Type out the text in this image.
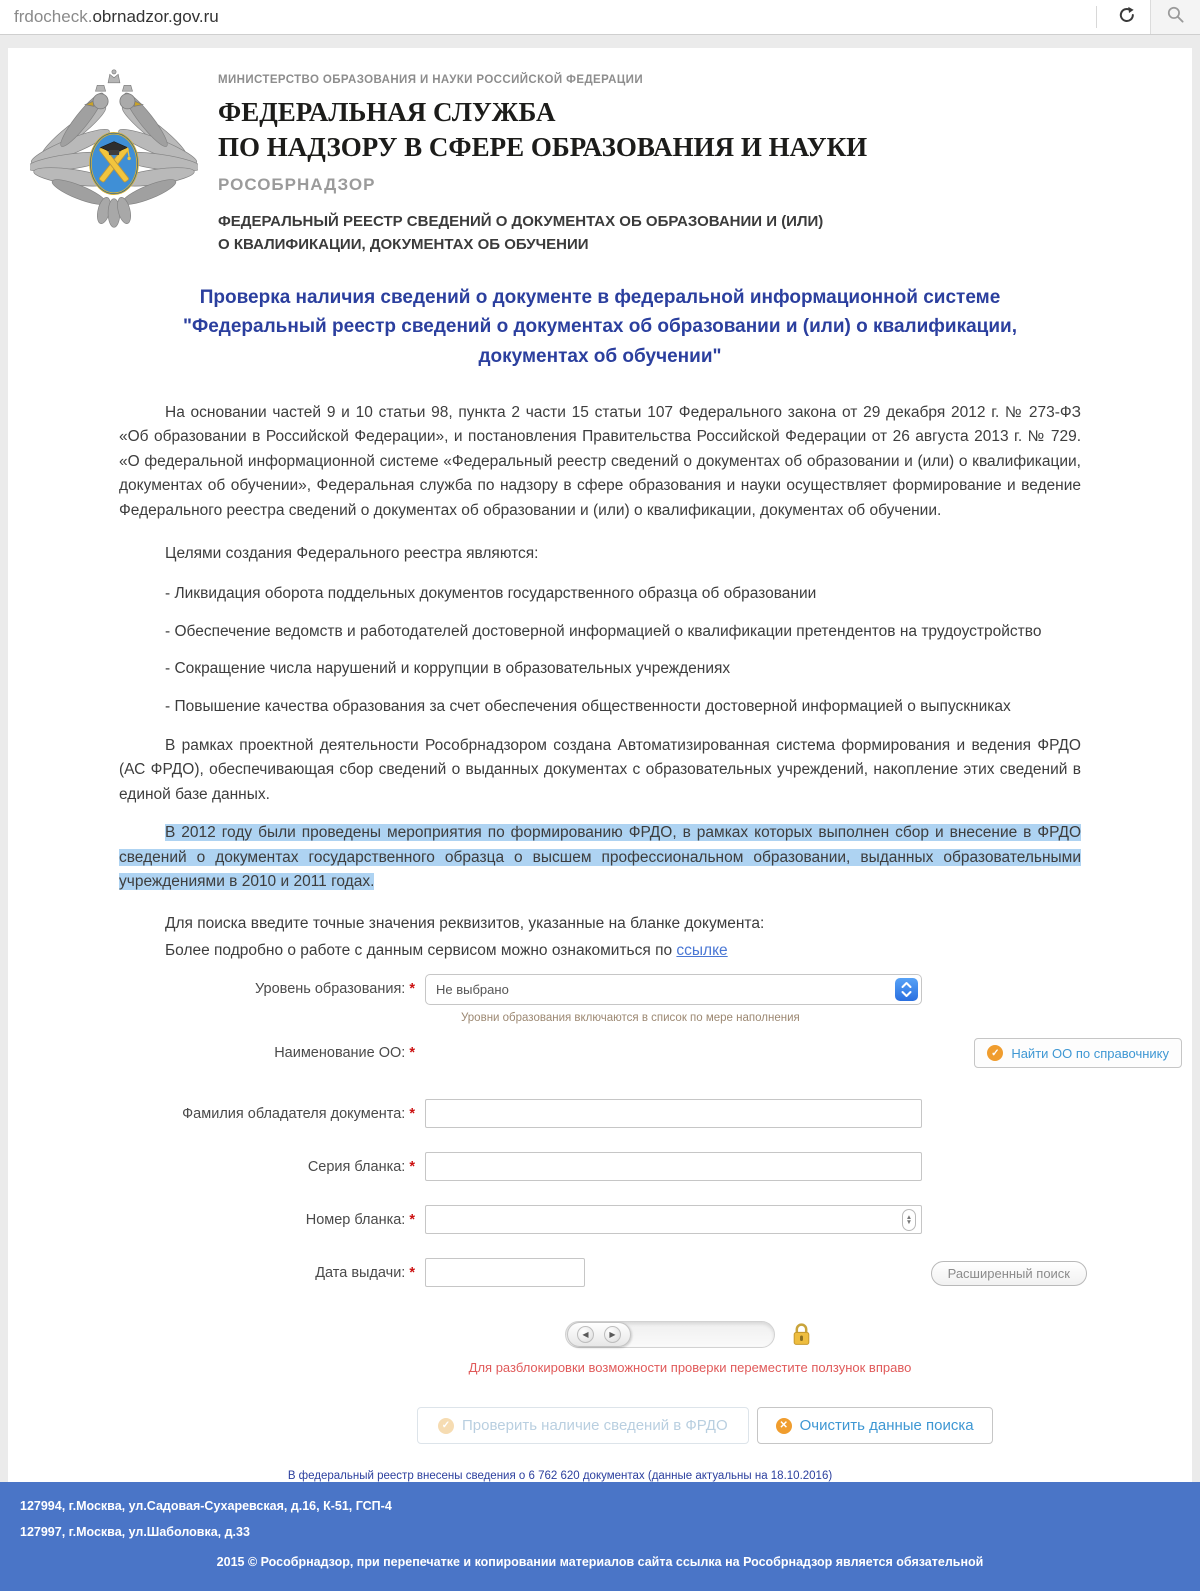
frdocheck.obrnadzor.gov.ru
МИНИСТЕРСТВО ОБРАЗОВАНИЯ И НАУКИ РОССИЙСКОЙ ФЕДЕРАЦИИ
ФЕДЕРАЛЬНАЯ СЛУЖБА
ПО НАДЗОРУ В СФЕРЕ ОБРАЗОВАНИЯ И НАУКИ
РОСОБРНАДЗОР
ФЕДЕРАЛЬНЫЙ РЕЕСТР СВЕДЕНИЙ О ДОКУМЕНТАХ ОБ ОБРАЗОВАНИИ И (ИЛИ)
О КВАЛИФИКАЦИИ, ДОКУМЕНТАХ ОБ ОБУЧЕНИИ
Проверка наличия сведений о документе в федеральной информационной системе "Федеральный реестр сведений о документах об образовании и (или) о квалификации, документах об обучении"

На основании частей 9 и 10 статьи 98, пункта 2 части 15 статьи 107 Федерального закона от 29 декабря 2012 г. № 273-ФЗ «Об образовании в Российской Федерации», и постановления Правительства Российской Федерации от 26 августа 2013 г. № 729. «О федеральной информационной системе «Федеральный реестр сведений о документах об образовании и (или) о квалификации, документах об обучении», Федеральная служба по надзору в сфере образования и науки осуществляет формирование и ведение Федерального реестра сведений о документах об образовании и (или) о квалификации, документах об обучении.

Целями создания Федерального реестра являются:

- Ликвидация оборота поддельных документов государственного образца об образовании

- Обеспечение ведомств и работодателей достоверной информацией о квалификации претендентов на трудоустройство

- Сокращение числа нарушений и коррупции в образовательных учреждениях

- Повышение качества образования за счет обеспечения общественности достоверной информацией о выпускниках

В рамках проектной деятельности Рособрнадзором создана Автоматизированная система формирования и ведения ФРДО (АС ФРДО), обеспечивающая сбор сведений о выданных документах с образовательных учреждений, накопление этих сведений в единой базе данных.

В 2012 году были проведены мероприятия по формированию ФРДО, в рамках которых выполнен сбор и внесение в ФРДО сведений о документах государственного образца о высшем профессиональном образовании, выданных образовательными учреждениями в 2010 и 2011 годах.

Для поиска введите точные значения реквизитов, указанные на бланке документа:

Более подробно о работе с данным сервисом можно ознакомиться по ссылке

Уровень образования: *	Не выбрано
Уровни образования включаются в список по мере наполнения
Наименование ОО: *	✓ Найти ОО по справочнику
Фамилия обладателя документа: *
Серия бланка: *
Номер бланка: *	▲
▼
Дата выдачи: *	Расширенный поиск
◀	▶
Для разблокировки возможности проверки переместите ползунок вправо
✓ Проверить наличие сведений в ФРДО	✕ Очистить данные поиска
В федеральный реестр внесены сведения о 6 762 620 документах (данные актуальны на 18.10.2016)
127994, г.Москва, ул.Садовая-Сухаревская, д.16, К-51, ГСП-4
127997, г.Москва, ул.Шаболовка, д.33
2015 © Рособрнадзор, при перепечатке и копировании материалов сайта ссылка на Рособрнадзор является обязательной
